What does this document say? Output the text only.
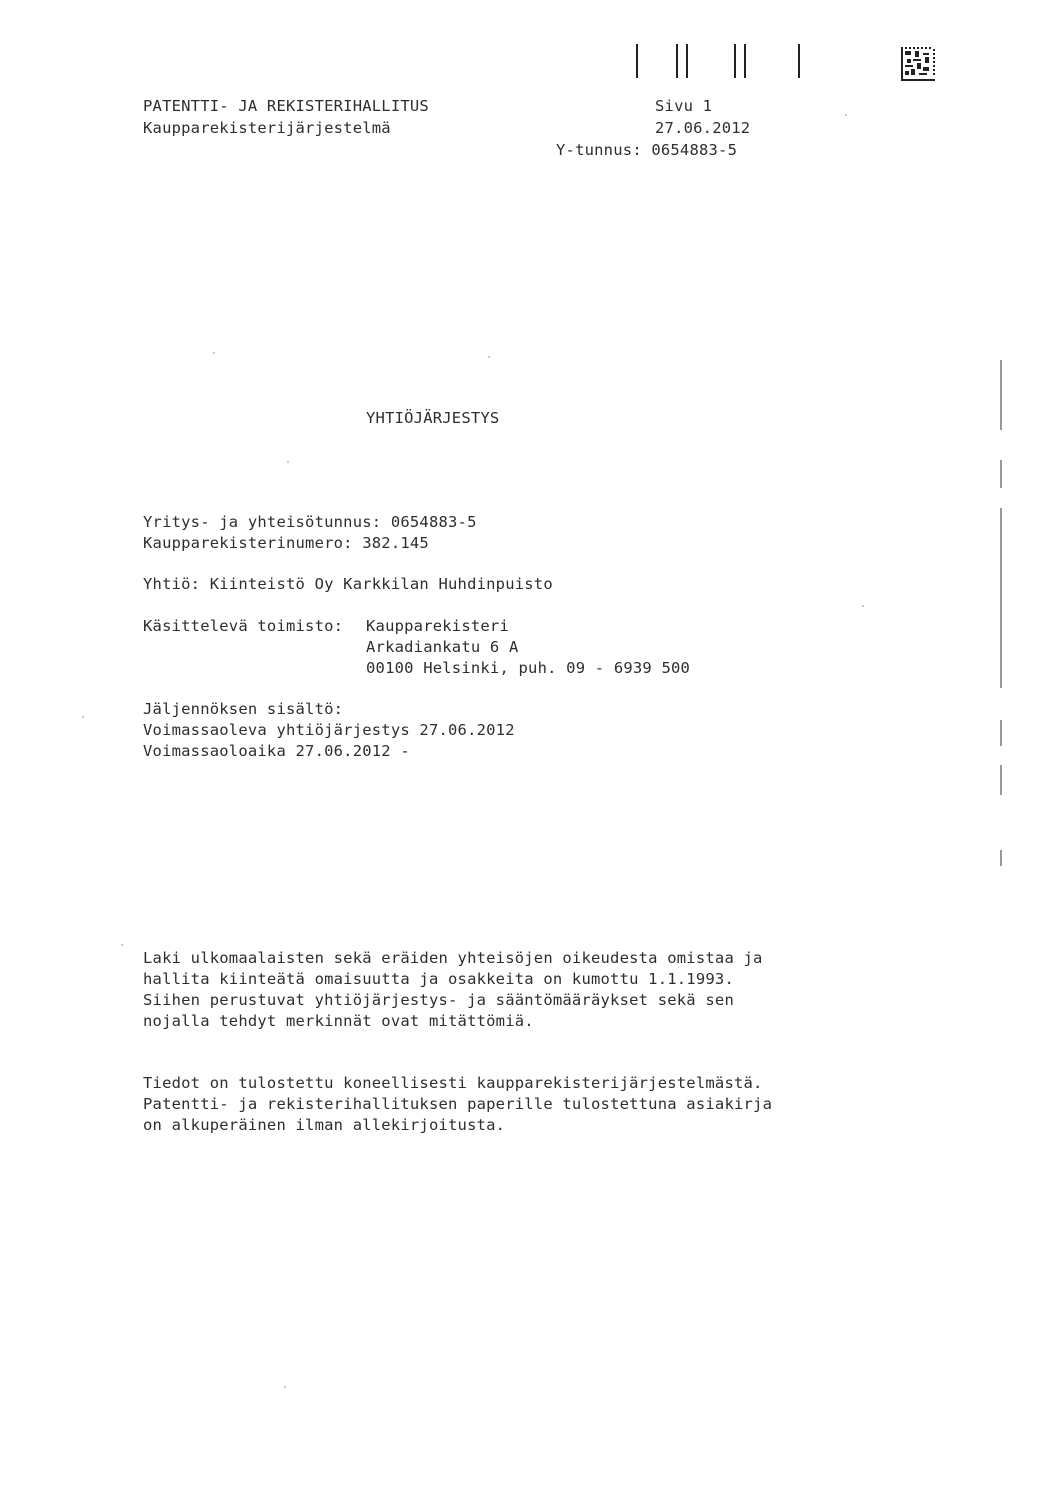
PATENTTI- JA REKISTERIHALLITUS
Kaupparekisterijärjestelmä
Sivu 1
27.06.2012
Y-tunnus: 0654883-5
YHTIÖJÄRJESTYS
Yritys- ja yhteisötunnus: 0654883-5
Kaupparekisterinumero: 382.145
Yhtiö: Kiinteistö Oy Karkkilan Huhdinpuisto
Käsittelevä toimisto: Kaupparekisteri
Arkadiankatu 6 A
00100 Helsinki, puh. 09 - 6939 500
Jäljennöksen sisältö:
Voimassaoleva yhtiöjärjestys 27.06.2012
Voimassaoloaika 27.06.2012 -
Laki ulkomaalaisten sekä eräiden yhteisöjen oikeudesta omistaa ja
hallita kiinteätä omaisuutta ja osakkeita on kumottu 1.1.1993.
Siihen perustuvat yhtiöjärjestys- ja sääntömääräykset sekä sen
nojalla tehdyt merkinnät ovat mitättömiä.
Tiedot on tulostettu koneellisesti kaupparekisterijärjestelmästä.
Patentti- ja rekisterihallituksen paperille tulostettuna asiakirja
on alkuperäinen ilman allekirjoitusta.
